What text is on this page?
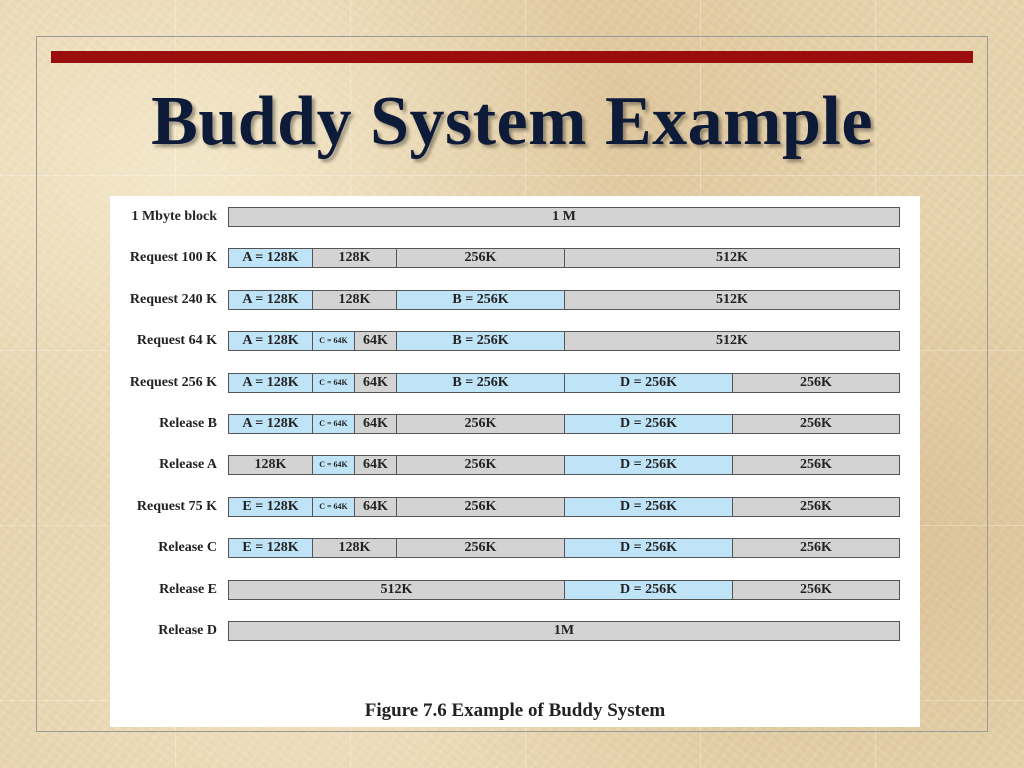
Buddy System Example
1 Mbyte block	1 M
Request 100 K	A = 128K	128K	256K	512K
Request 240 K	A = 128K	128K	B = 256K	512K
Request 64 K	A = 128K	C = 64K	64K	B = 256K	512K
Request 256 K	A = 128K	C = 64K	64K	B = 256K	D = 256K	256K
Release B	A = 128K	C = 64K	64K	256K	D = 256K	256K
Release A	128K	C = 64K	64K	256K	D = 256K	256K
Request 75 K	E = 128K	C = 64K	64K	256K	D = 256K	256K
Release C	E = 128K	128K	256K	D = 256K	256K
Release E	512K	D = 256K	256K
Release D	1M
Figure 7.6 Example of Buddy System
